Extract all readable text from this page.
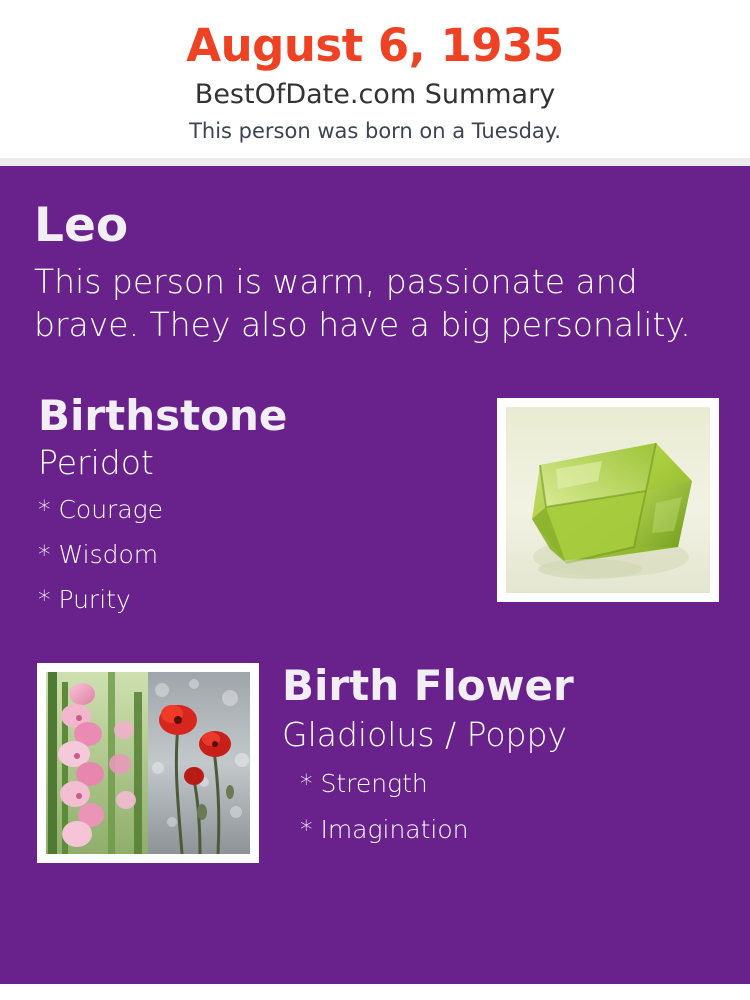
August 6, 1935
BestOfDate.com Summary
This person was born on a Tuesday.
Leo
This person is warm, passionate and brave. They also have a big personality.
Birthstone
Peridot
* Courage
* Wisdom
* Purity
Birth Flower
Gladiolus / Poppy
* Strength
* Imagination
